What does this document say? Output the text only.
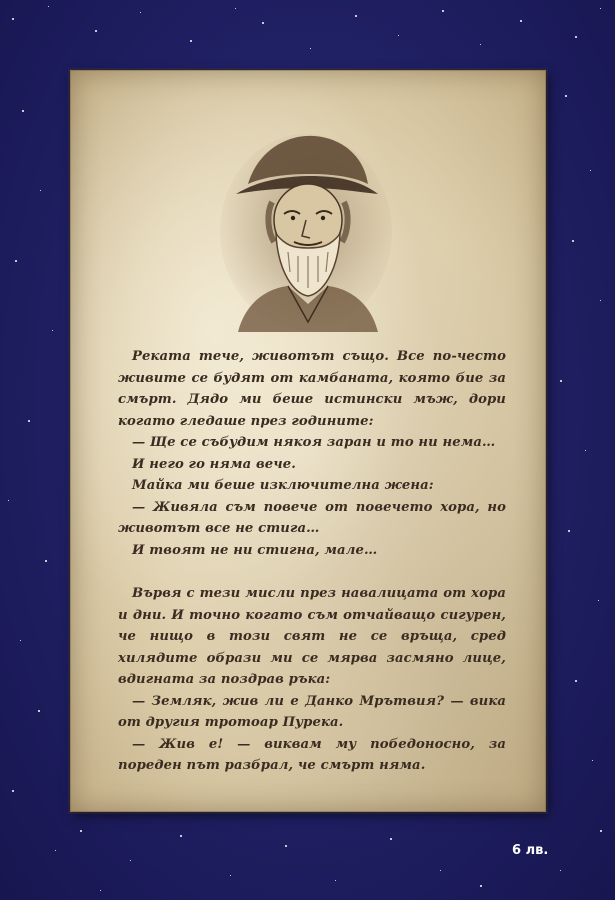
Реката тече, животът също. Все по-често живите се будят от камбаната, която бие за смърт. Дядо ми беше истински мъж, дори когато гледаше през годините:

— Ще се събудим някоя заран и то ни нема…

И него го няма вече.

Майка ми беше изключителна жена:

— Живяла съм повече от повечето хора, но животът все не стига…

И твоят не ни стигна, мале…

Вървя с тези мисли през навалицата от хора и дни. И точно когато съм отчайващо сигурен, че нищо в този свят не се връща, сред хилядите образи ми се мярва засмяно лице, вдигната за поздрав ръка:

— Земляк, жив ли е Данко Мрътвия? — вика от другия тротоар Пурека.

— Жив е! — виквам му победоносно, за пореден път разбрал, че смърт няма.

6 лв.
